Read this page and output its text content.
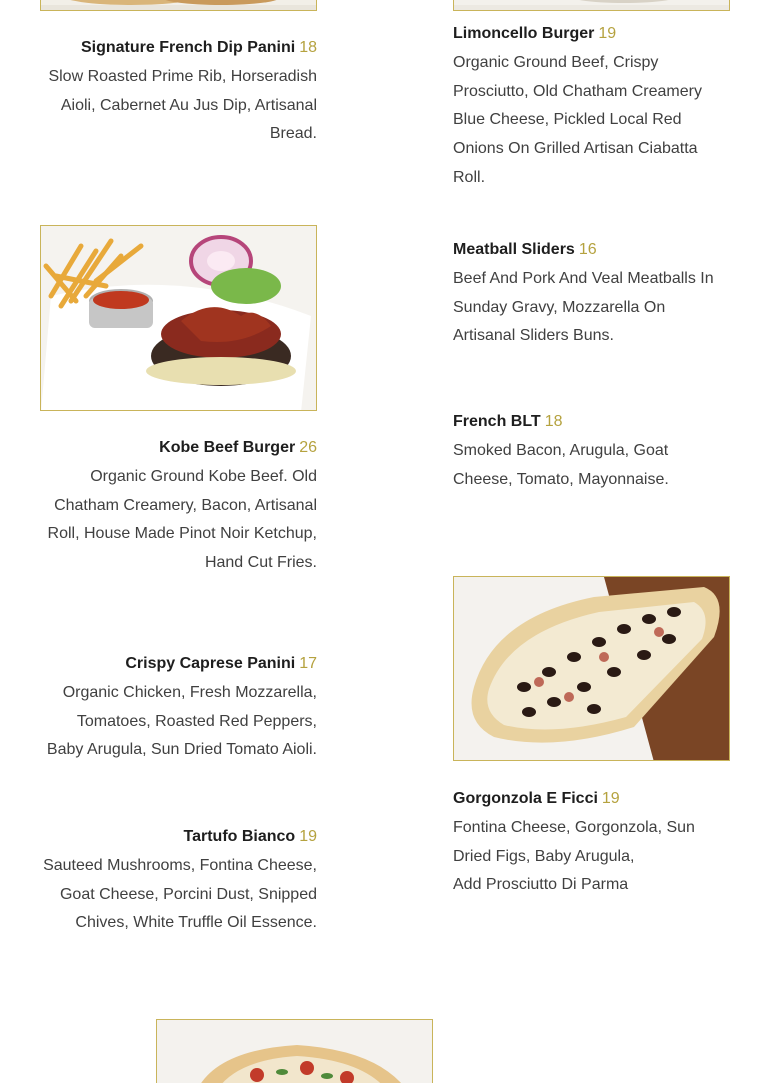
Signature French Dip Panini 18
Slow Roasted Prime Rib, Horseradish Aioli, Cabernet Au Jus Dip, Artisanal Bread.
Limoncello Burger 19
Organic Ground Beef, Crispy Prosciutto, Old Chatham Creamery Blue Cheese, Pickled Local Red Onions On Grilled Artisan Ciabatta Roll.
Meatball Sliders 16
Beef And Pork And Veal Meatballs In Sunday Gravy, Mozzarella On Artisanal Sliders Buns.
Kobe Beef Burger 26
Organic Ground Kobe Beef. Old Chatham Creamery, Bacon, Artisanal Roll, House Made Pinot Noir Ketchup, Hand Cut Fries.
French BLT 18
Smoked Bacon, Arugula, Goat Cheese, Tomato, Mayonnaise.
Crispy Caprese Panini 17
Organic Chicken, Fresh Mozzarella, Tomatoes, Roasted Red Peppers, Baby Arugula, Sun Dried Tomato Aioli.
Gorgonzola E Ficci 19
Fontina Cheese, Gorgonzola, Sun Dried Figs, Baby Arugula,
Add Prosciutto Di Parma
Tartufo Bianco 19
Sauteed Mushrooms, Fontina Cheese, Goat Cheese, Porcini Dust, Snipped Chives, White Truffle Oil Essence.
